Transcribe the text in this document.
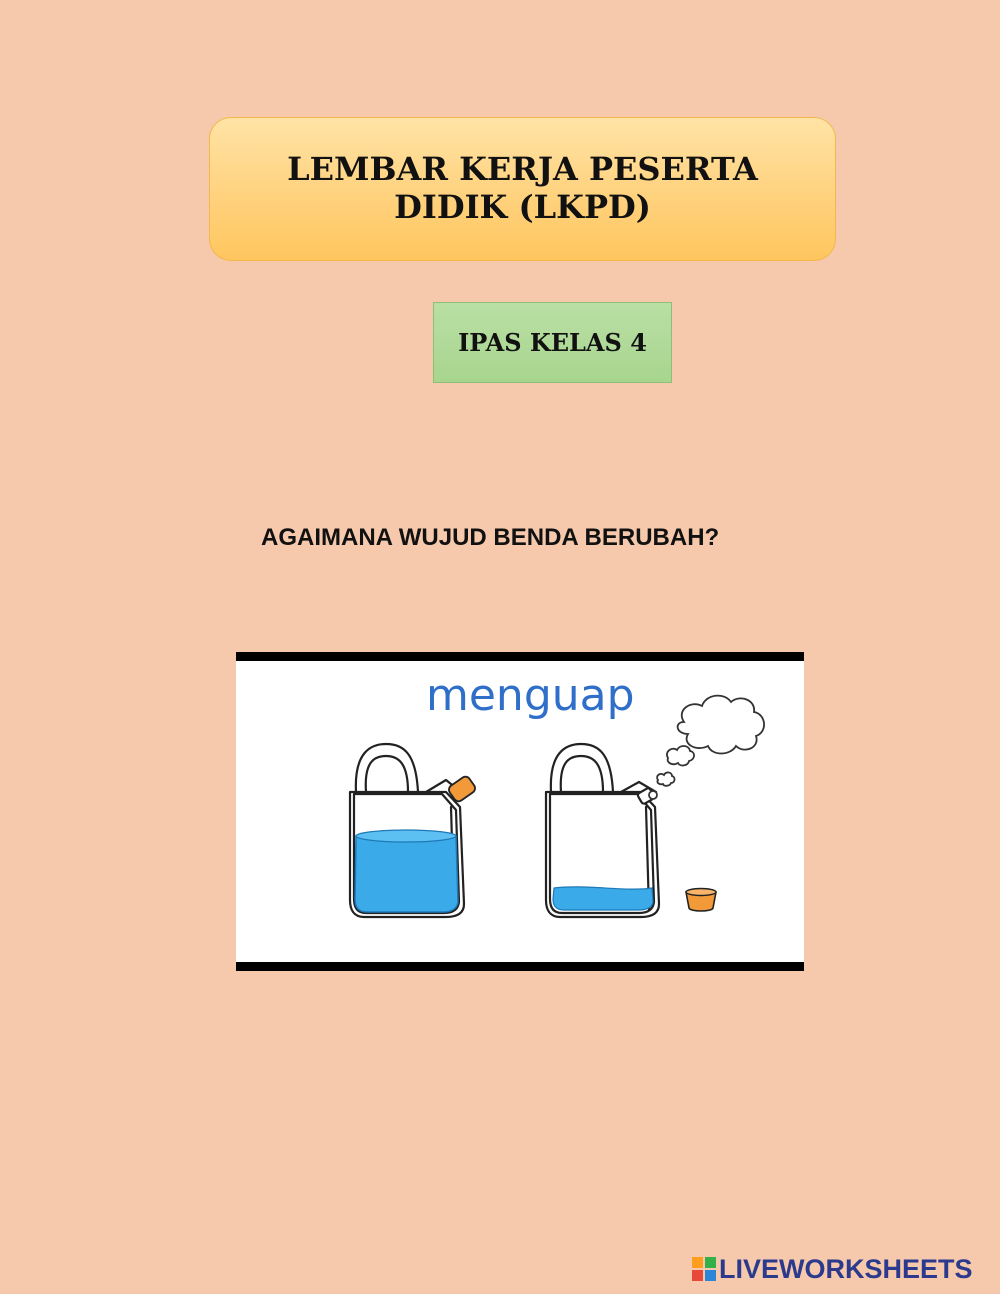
LEMBAR KERJA PESERTA DIDIK (LKPD)
IPAS KELAS 4
AGAIMANA WUJUD BENDA BERUBAH?
menguap
LIVEWORKSHEETS
